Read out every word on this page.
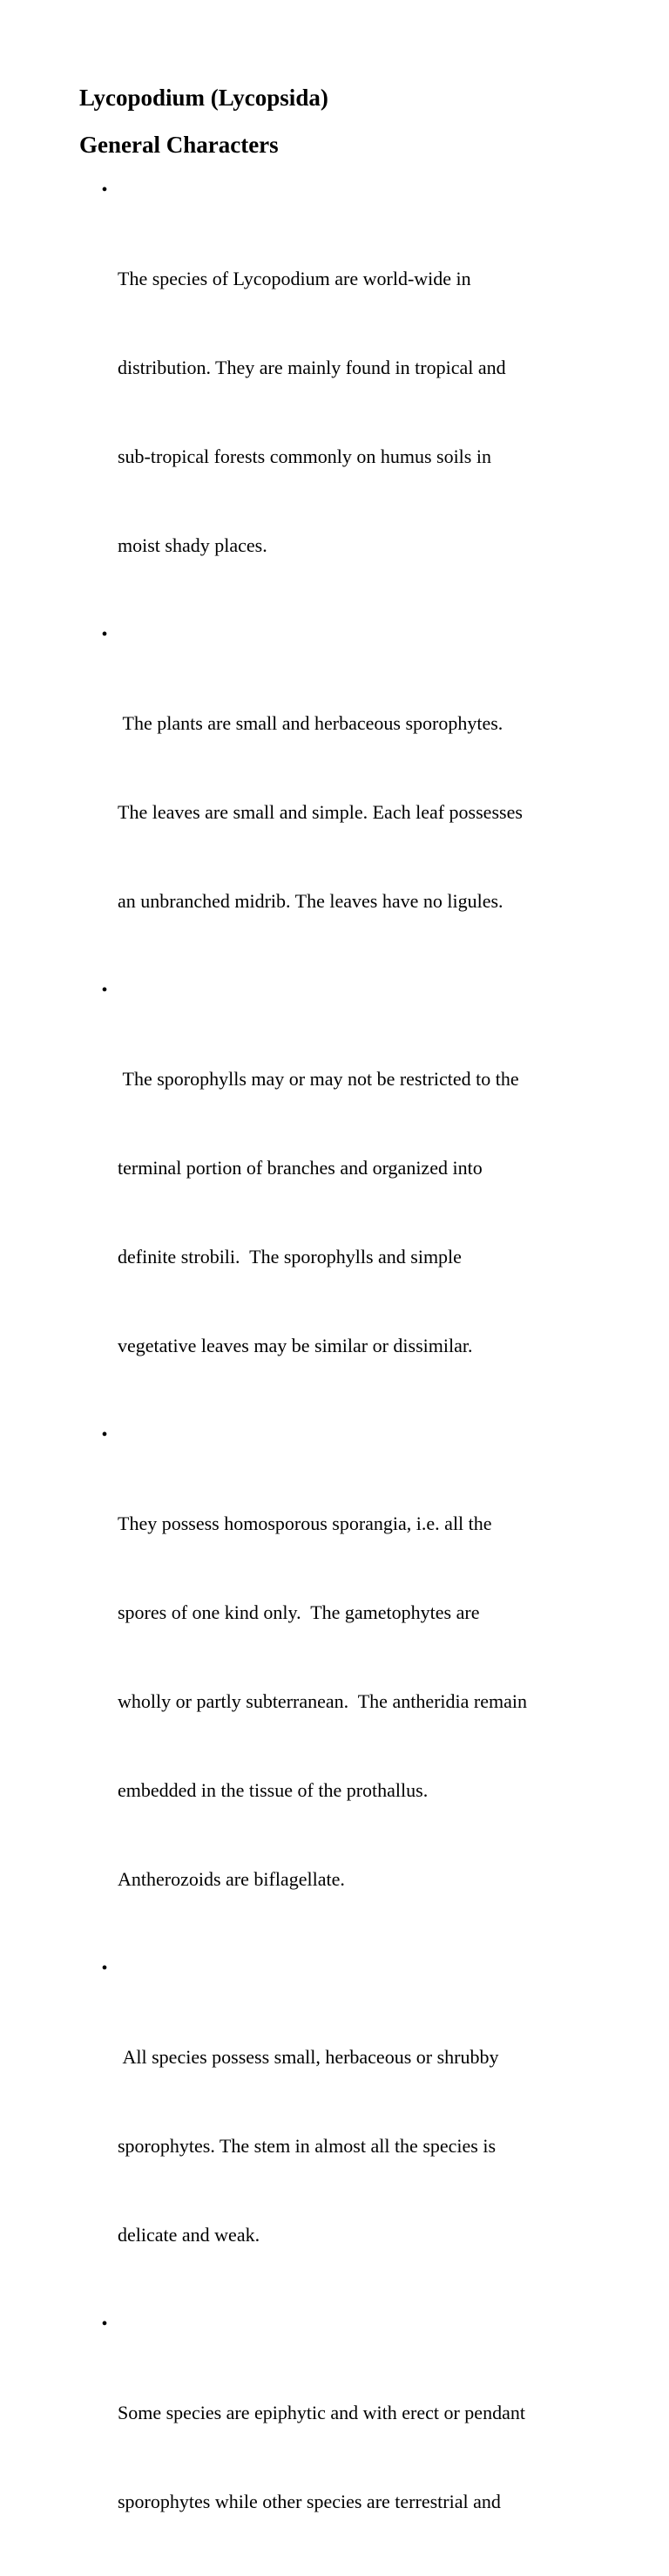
Lycopodium (Lycopsida)
General Characters

•

The species of Lycopodium are world-wide in

distribution. They are mainly found in tropical and

sub-tropical forests commonly on humus soils in

moist shady places.

•

The plants are small and herbaceous sporophytes.

The leaves are small and simple. Each leaf possesses

an unbranched midrib. The leaves have no ligules.

•

The sporophylls may or may not be restricted to the

terminal portion of branches and organized into

definite strobili.  The sporophylls and simple

vegetative leaves may be similar or dissimilar.

•

They possess homosporous sporangia, i.e. all the

spores of one kind only.  The gametophytes are

wholly or partly subterranean.  The antheridia remain

embedded in the tissue of the prothallus.

Antherozoids are biflagellate.

•

All species possess small, herbaceous or shrubby

sporophytes. The stem in almost all the species is

delicate and weak.

•

Some species are epiphytic and with erect or pendant

sporophytes while other species are terrestrial and
